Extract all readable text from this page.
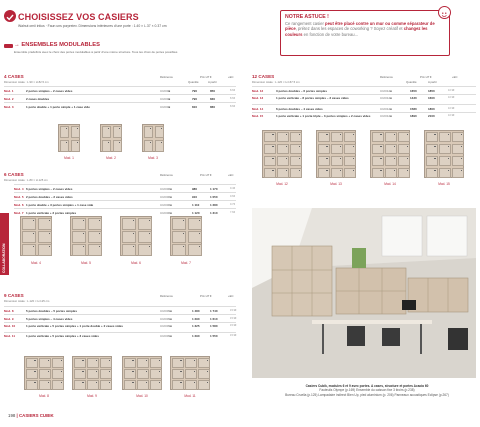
CHOISISSEZ VOS CASIERS
Walnut ornii intius · Faun uns porpreiev. Dimensions intérieures d'une porte : 1.40 × L.37 × 0.37 cm
→ ENSEMBLES MODULABLES
Ensemble prédéfinis avec le choix des portes modulables à partir d'une même structure. Tous les choix de portes possibles
NOTRE ASTUCE !
Ce rangement casier peut être placé contre un mur ou comme séparateur de pièce, prétez dans les espaces de coworking ? Soyez créatif et changez les couleurs en fonction de votre bureau...
COLLABORATION
4 CASES
Dimension totale : L.90 × H.82.5 cm
Référence	Prix HT €	+EC
Quantité	A partir
Mod. 1	2 portes simples – 2 cases vides	CUI00■	790	850	8.6€
Mod. 2	2 cases doubles	CUI00■	790	830	8.6€
Mod. 3	1 porte double + 1 porte simple + 1 case vide	CUI00■	810	860	8.6€
Mod. 1	Mod. 2	Mod. 3
6 CASES
Dimension totale : L.80 × H.125 cm
Référence	Prix HT €	+EC
Mod. 4 6 portes simples – 2 cases vides	CUI006■	980	1 170	9.4€
Mod. 5 2 portes doubles – 2 cases vides	CUI006■	910	1 050	9.6€
Mod. 6 1 porte double + 3 portes simples + 1 case vide	CUI006■	1 110	1 280	9.7€
Mod. 7 1 porte verticale + 3 portes simples	CUI006■	1 120	1 310	7.6€
Mod. 4	Mod. 5	Mod. 6	Mod. 7
9 CASES
Dimension totale : L.120 × H.125 cm
Référence	Prix HT €	+EC
Mod. 8	5 portes doubles – 5 portes simples	CUI009■	1 480	1 740	15.9€
Mod. 9	5 portes simples – 4 cases vides	CUI009■	1 290	1 610	15.9€
Mod. 10	1 porte verticale + 5 portes simples + 1 porte double + 2 cases vides	CUI009■	1 325	1 580	15.9€
Mod. 11	1 porte verticale + 5 portes simples + 3 cases vides	CUI009■	1 290	1 550	15.9€
Mod. 8	Mod. 9	Mod. 10	Mod. 11
12 CASES
Dimension totale : L.120 × H.167.5 cm
Référence	Prix HT €	+EC
Quantité	A partir
Mod. 12	3 portes doubles – 6 portes simples	CUI012■	1650	1850	10.9€
Mod. 13	1 porte verticale – 8 portes simples – 3 cases vides	CUI012■	1430	1600	10.9€
Mod. 14	6 portes doubles – 4 cases vides	CUI012■	1580	1800	10.9€
Mod. 15	1 porte verticale + 1 porte triple – 3 portes simples + 2 cases vides	CUI012■	1890	2100	10.9€
Mod. 12	Mod. 13	Mod. 14	Mod. 15
Casiers Cubik, modules 6 et 9 avec portes. A cases, structure et portes Acacia 60
Fauteuils Olympe (p.169) Ensemble du caisson fixe 3 tiroirs (p.238)
Bureau Cruella (p.125) Lampadaire indirect Bien Up, pied aluminium (p. 206) Panneaux acoustiques Eclipse (p.267)
198 | CASIERS CUBIK
